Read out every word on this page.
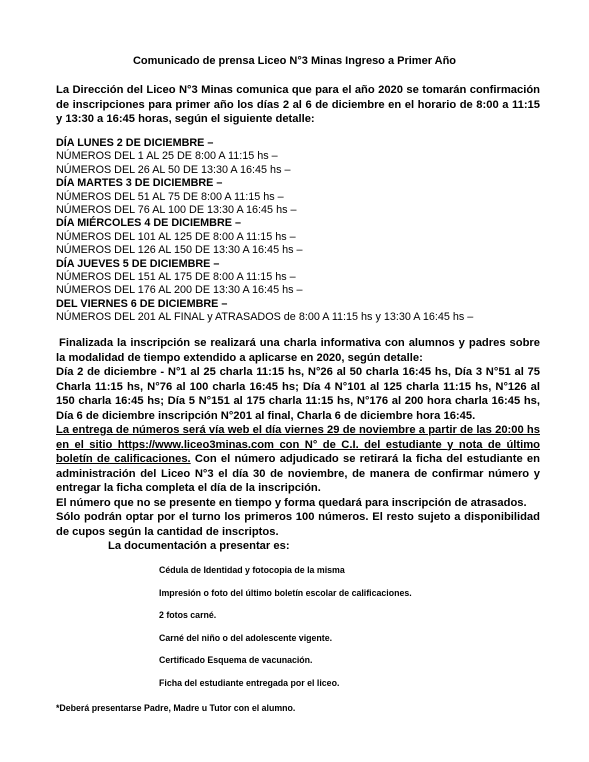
Comunicado de prensa Liceo N°3 Minas Ingreso a Primer Año
La Dirección del Liceo N°3 Minas comunica que para el año 2020 se tomarán confirmación de inscripciones para primer año los días 2 al 6 de diciembre en el horario de 8:00 a 11:15 y 13:30 a 16:45 horas, según el siguiente detalle:
DÍA LUNES 2 DE DICIEMBRE –
NÚMEROS DEL 1 AL 25 DE 8:00 A 11:15 hs –
NÚMEROS DEL 26 AL 50 DE 13:30 A 16:45 hs –
DÍA MARTES 3 DE DICIEMBRE –
NÚMEROS DEL 51 AL 75 DE 8:00 A 11:15 hs –
NÚMEROS DEL 76 AL 100 DE 13:30 A 16:45 hs –
DÍA MIÉRCOLES 4 DE DICIEMBRE –
NÚMEROS DEL 101 AL 125 DE 8:00 A 11:15 hs –
NÚMEROS DEL 126 AL 150 DE 13:30 A 16:45 hs –
DÍA JUEVES 5 DE DICIEMBRE –
NÚMEROS DEL 151 AL 175 DE 8:00 A 11:15 hs –
NÚMEROS DEL 176 AL 200 DE 13:30 A 16:45 hs –
DEL VIERNES 6 DE DICIEMBRE –
NÚMEROS DEL 201 AL FINAL y ATRASADOS de 8:00 A 11:15 hs y 13:30 A 16:45 hs –

Finalizada la inscripción se realizará una charla informativa con alumnos y padres sobre la modalidad de tiempo extendido a aplicarse en 2020, según detalle:

Día 2 de diciembre - N°1 al 25 charla 11:15 hs, N°26 al 50 charla 16:45 hs, Día 3 N°51 al 75 Charla 11:15 hs, N°76 al 100 charla 16:45 hs; Día 4 N°101 al 125 charla 11:15 hs, N°126 al 150 charla 16:45 hs; Día 5 N°151 al 175 charla 11:15 hs, N°176 al 200 hora charla 16:45 hs, Día 6 de diciembre inscripción N°201 al final, Charla 6 de diciembre hora 16:45.

La entrega de números será vía web el día viernes 29 de noviembre a partir de las 20:00 hs en el sitio https://www.liceo3minas.com con N° de C.I. del estudiante y nota de último boletín de calificaciones. Con el número adjudicado se retirará la ficha del estudiante en administración del Liceo N°3 el día 30 de noviembre, de manera de confirmar número y entregar la ficha completa el día de la inscripción.

El número que no se presente en tiempo y forma quedará para inscripción de atrasados.

Sólo podrán optar por el turno los primeros 100 números. El resto sujeto a disponibilidad de cupos según la cantidad de inscriptos.

La documentación a presentar es:

Cédula de Identidad y fotocopia de la misma
Impresión o foto del último boletín escolar de calificaciones.
2 fotos carné.
Carné del niño o del adolescente vigente.
Certificado Esquema de vacunación.
Ficha del estudiante entregada por el liceo.
*Deberá presentarse Padre, Madre u Tutor con el alumno.
